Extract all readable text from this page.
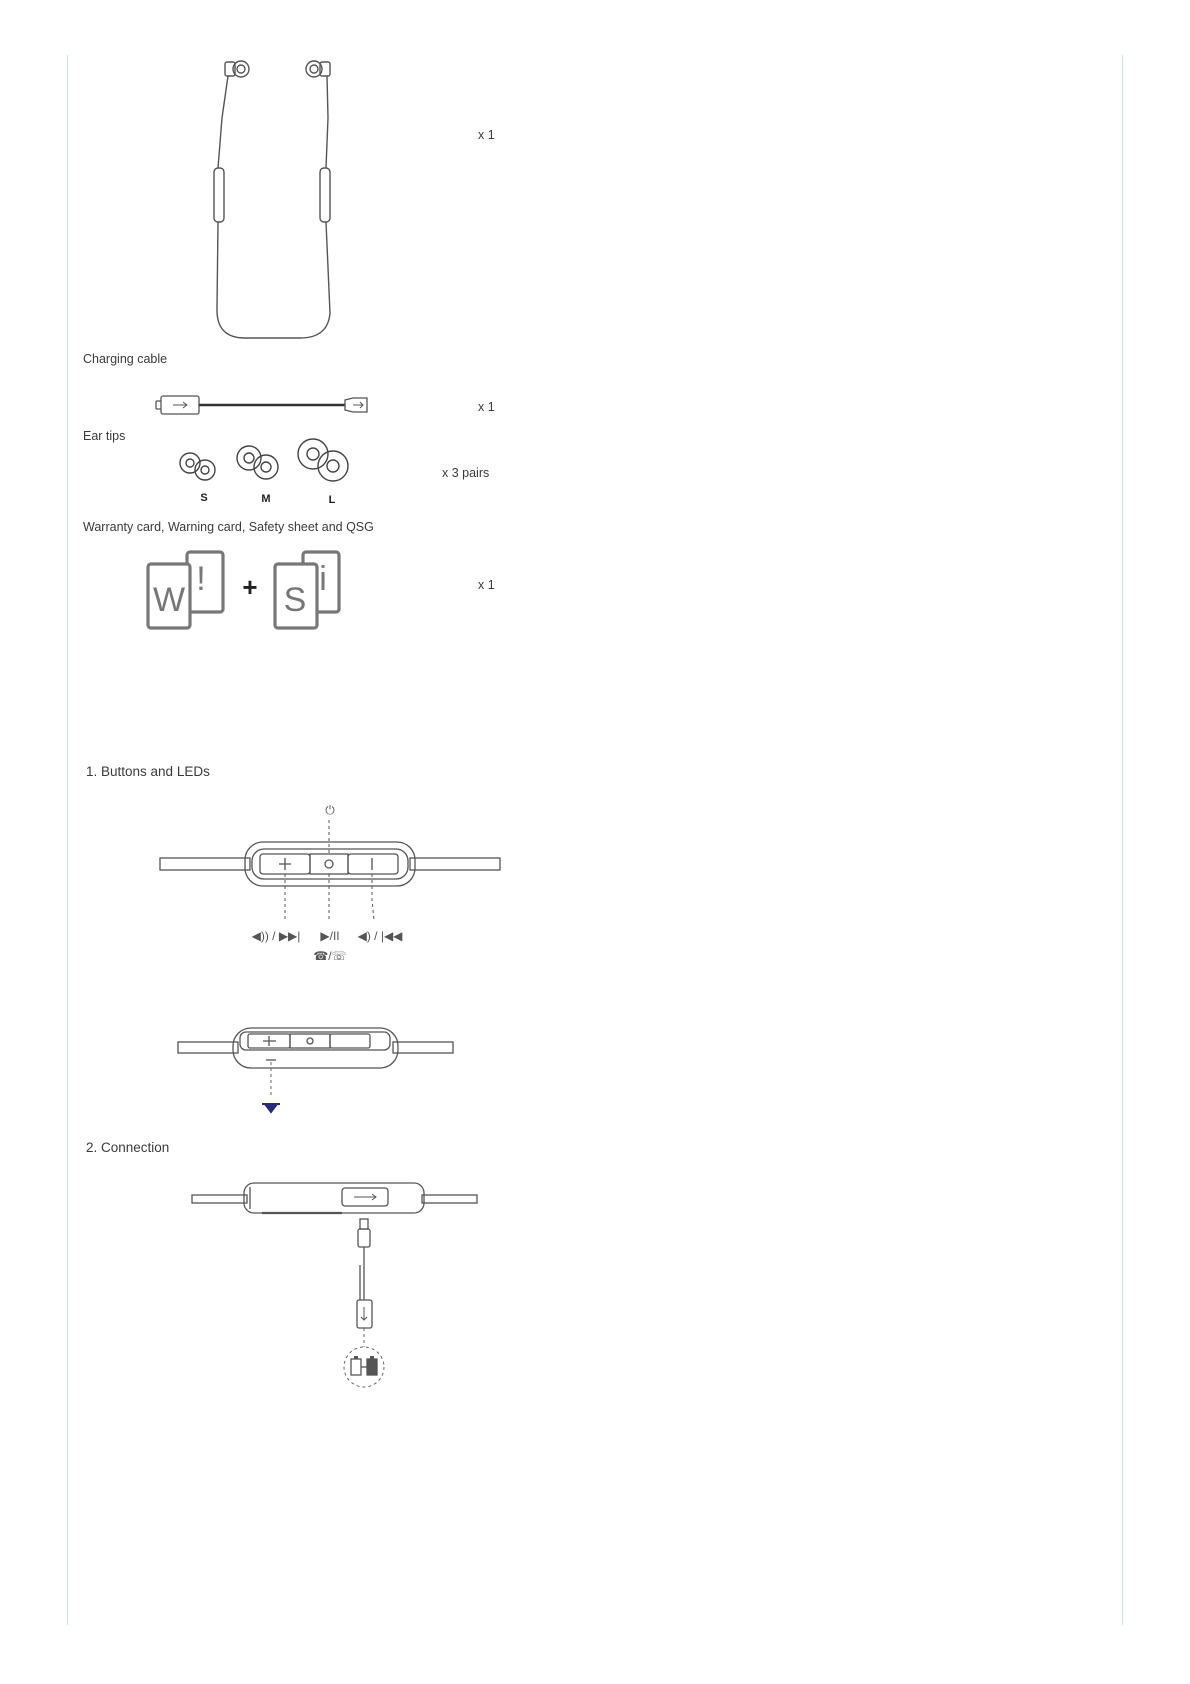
x 1
Charging cable
x 1
Ear tips
S	M	L
x 3 pairs
Warranty card, Warning card, Safety sheet and QSG
W
! + S
i	x 1
1. Buttons and LEDs
⏻
◀)) / ▶▶| ▶/II
☎/☏
◀) / |◀◀
2. Connection
